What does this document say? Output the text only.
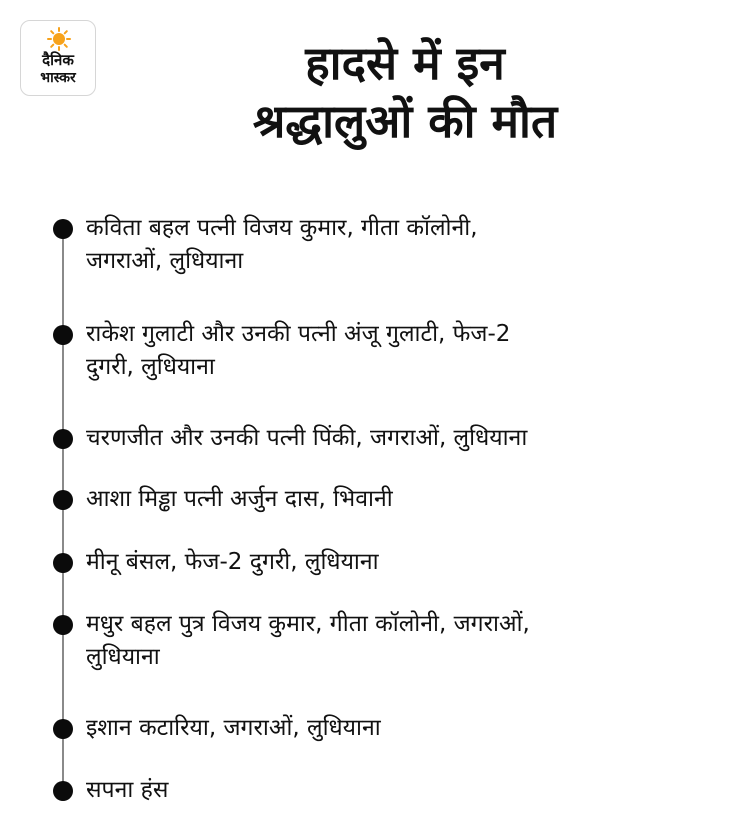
दैनिक
भास्कर	हादसे में इन
श्रद्धालुओं की मौत
कविता बहल पत्नी विजय कुमार, गीता कॉलोनी,
जगराओं, लुधियाना
राकेश गुलाटी और उनकी पत्नी अंजू गुलाटी, फेज-2
दुगरी, लुधियाना
चरणजीत और उनकी पत्नी पिंकी, जगराओं, लुधियाना
आशा मिड्ढा पत्नी अर्जुन दास, भिवानी
मीनू बंसल, फेज-2 दुगरी, लुधियाना
मधुर बहल पुत्र विजय कुमार, गीता कॉलोनी, जगराओं,
लुधियाना
इशान कटारिया, जगराओं, लुधियाना
सपना हंस
